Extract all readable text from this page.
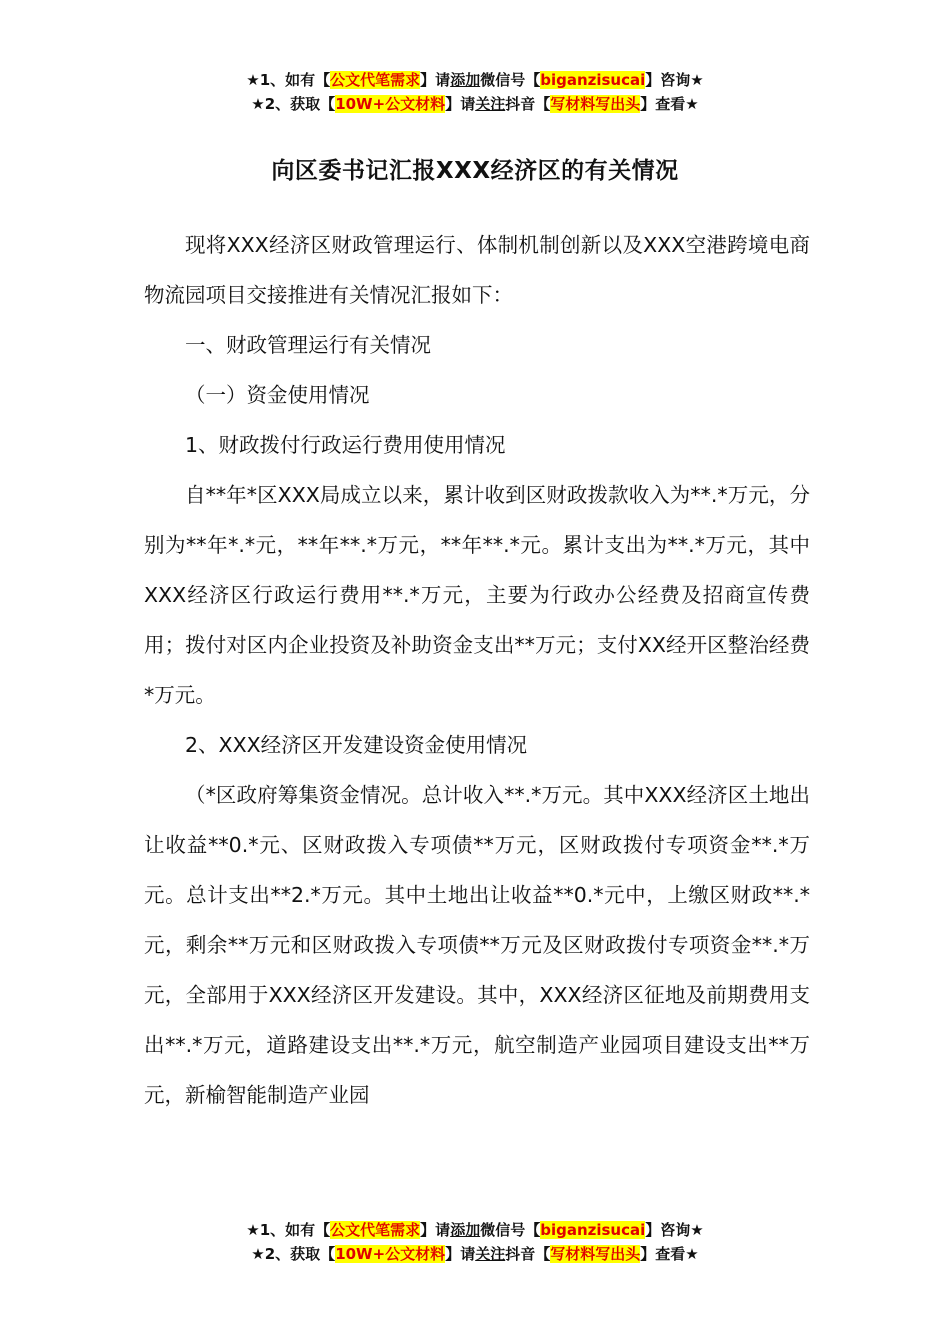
★1、如有【公文代笔需求】请添加微信号【biganzisucai】咨询★
★2、获取【10W+公文材料】请关注抖音【写材料写出头】查看★
向区委书记汇报XXX经济区的有关情况

现将XXX经济区财政管理运行、体制机制创新以及XXX空港跨境电商物流园项目交接推进有关情况汇报如下：

一、财政管理运行有关情况

（一）资金使用情况

1、财政拨付行政运行费用使用情况

自**年*区XXX局成立以来，累计收到区财政拨款收入为**.*万元，分别为**年*.*元，**年**.*万元，**年**.*元。累计支出为**.*万元，其中XXX经济区行政运行费用**.*万元，主要为行政办公经费及招商宣传费用；拨付对区内企业投资及补助资金支出**万元；支付XX经开区整治经费*万元。

2、XXX经济区开发建设资金使用情况

（*区政府筹集资金情况。总计收入**.*万元。其中XXX经济区土地出让收益**0.*元、区财政拨入专项债**万元，区财政拨付专项资金**.*万元。总计支出**2.*万元。其中土地出让收益**0.*元中，上缴区财政**.*元，剩余**万元和区财政拨入专项债**万元及区财政拨付专项资金**.*万元，全部用于XXX经济区开发建设。其中，XXX经济区征地及前期费用支出**.*万元，道路建设支出**.*万元，航空制造产业园项目建设支出**万元，新榆智能制造产业园

★1、如有【公文代笔需求】请添加微信号【biganzisucai】咨询★
★2、获取【10W+公文材料】请关注抖音【写材料写出头】查看★
